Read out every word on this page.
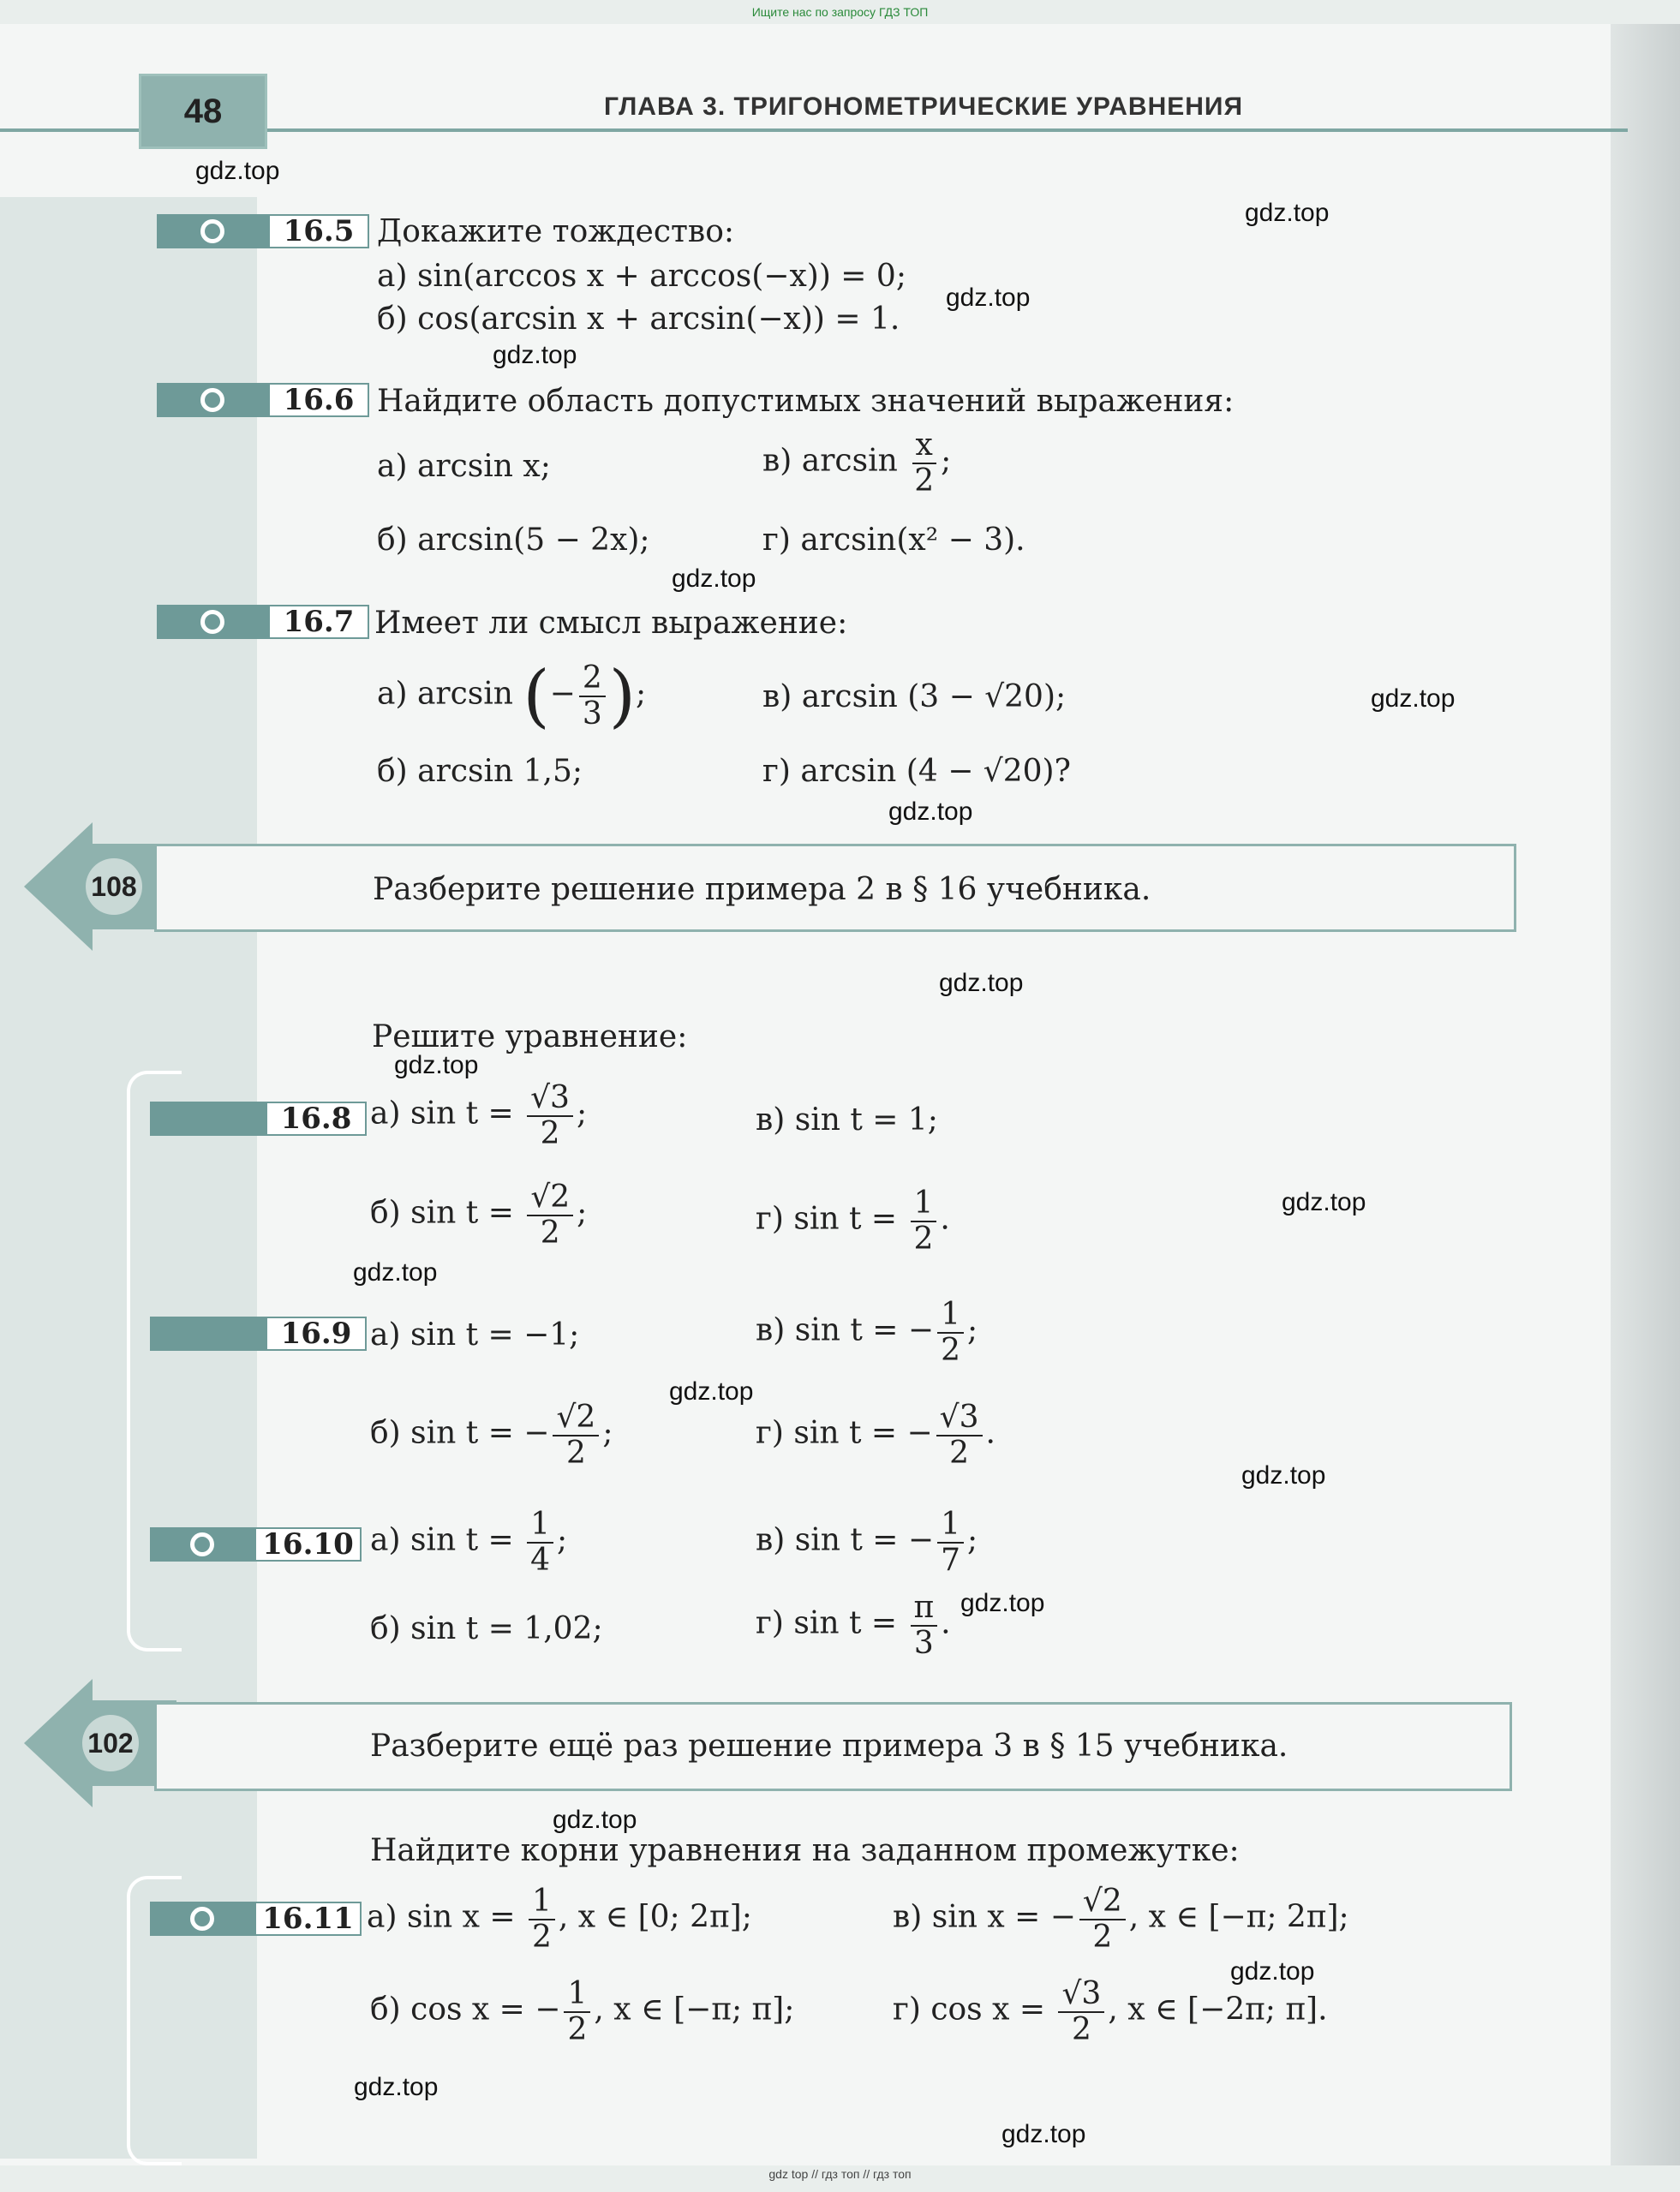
Ищите нас по запросу ГДЗ ТОП
48	ГЛАВА 3. ТРИГОНОМЕТРИЧЕСКИЕ УРАВНЕНИЯ
gdz.top
gdz.top
gdz.top
gdz.top
gdz.top
gdz.top
gdz.top
gdz.top
gdz.top
gdz.top
gdz.top
gdz.top
gdz.top
gdz.top
gdz.top
gdz.top
gdz.top
gdz.top
16.5 Докажите тождество:
а) sin(arccos x + arccos(−x)) = 0;
б) cos(arcsin x + arcsin(−x)) = 1.
16.6 Найдите область допустимых значений выражения:
а) arcsin x;	в) $\arcsin \frac{x}{2}$ ;
б) arcsin(5 − 2x);	г) arcsin(x² − 3).
16.7 Имеет ли смысл выражение:
а) arcsin (− $\frac{2}{3}$ );	в) arcsin (3 − √20);
б) arcsin 1,5;	г) arcsin (4 − √20)?
108	Разберите решение примера 2 в § 16 учебника.
Решите уравнение:
16.8 а) $\sin t = \frac{√3}{2}$ ;	в) sin t = 1;
б) $\sin t = \frac{√2}{2}$ ;	г) $\sin t = \frac{1}{2}$ .
16.9 а) sin t = −1;	в) sin t = − $\frac{1}{2}$ ;
б) sin t = − $\frac{√2}{2}$ ;	г) sin t = − $\frac{√3}{2}$ .
16.10 а) $\sin t = \frac{1}{4}$ ;	в) sin t = − $\frac{1}{7}$ ;
б) sin t = 1,02;	г) $\sin t = \frac{\pi}{3}$ .
102	Разберите ещё раз решение примера 3 в § 15 учебника.
Найдите корни уравнения на заданном промежутке:
16.11 а) $\sin x = \frac{1}{2}$ , x ∈ [0; 2π];	в) sin x = − $\frac{√2}{2}$ , x ∈ [−π; 2π];
б) cos x = − $\frac{1}{2}$ , x ∈ [−π; π];	г) $\cos x = \frac{√3}{2}$ , x ∈ [−2π; π].
gdz top // гдз топ // гдз топ
